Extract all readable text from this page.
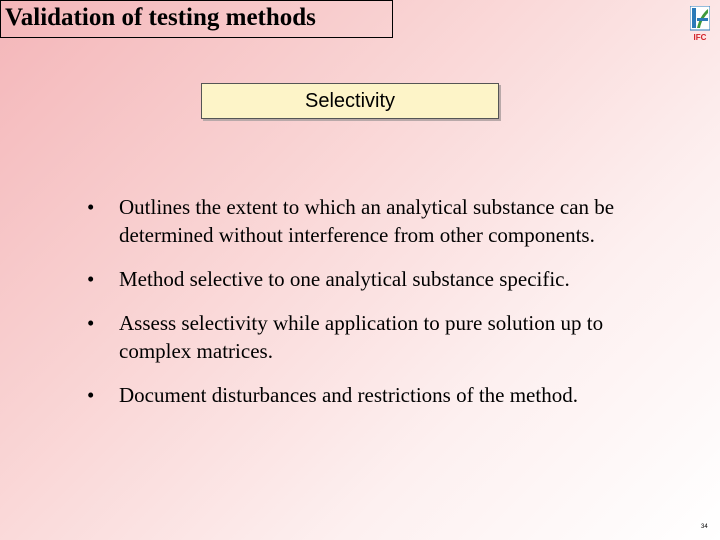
Validation of testing methods
IFC
Selectivity
•	Outlines the extent to which an analytical substance can be determined without interference from other components.
•	Method selective to one analytical substance specific.
•	Assess selectivity while application to pure solution up to complex matrices.
•	Document disturbances and restrictions of the method.
34
